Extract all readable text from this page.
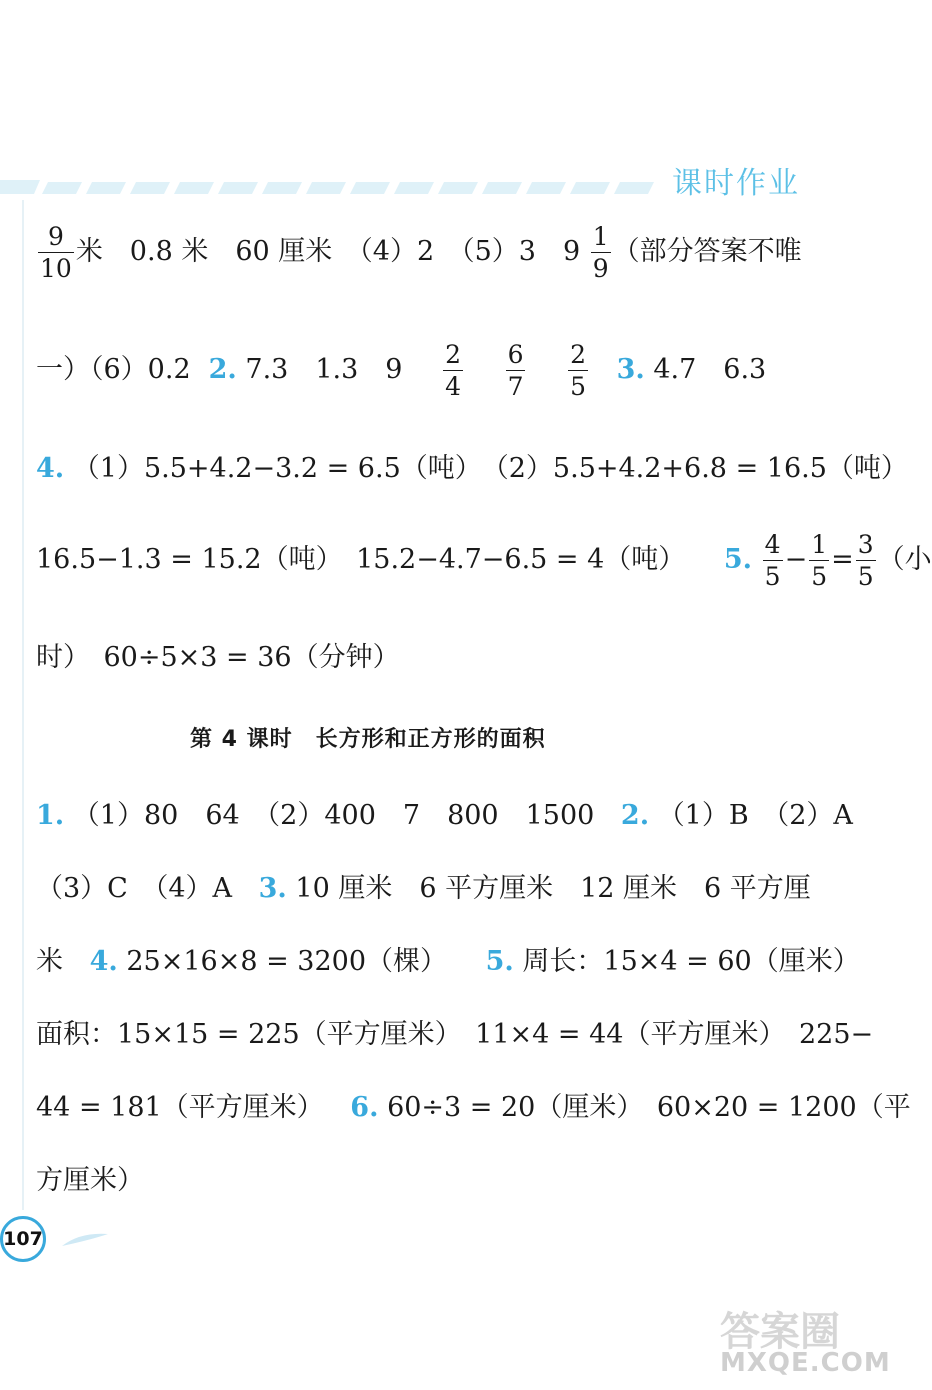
课时作业
$\frac{9}{10}$ 米　0.8 米　60 厘米　（4）2　（5）3　$9 \frac{1}{9}$ （部分答案不唯
一）（6）0.2 2. 7.3　1.3　$9 \frac{2}{4}$
$\frac{6}{7}$
$\frac{2}{5} 3$. 4.7　6.3
4. （1）5.5+4.2−3.2 = 6.5（吨）　（2）5.5+4.2+6.8 = 16.5（吨）
16.5−1.3 = 15.2（吨）　15.2−4.7−6.5 = 4（吨） 5. $\frac{4}{5} - \frac{1}{5} = \frac{3}{5}$ （小
时）　60÷5×3 = 36（分钟）
第 4 课时　长方形和正方形的面积
1. （1）80　64　（2）400　7　800　1500 2. （1）B　（2）A
（3）C　（4）A 3. 10 厘米　6 平方厘米　12 厘米　6 平方厘
米 4. 25×16×8 = 3200（棵） 5. 周长：15×4 = 60（厘米）
面积：15×15 = 225（平方厘米）　11×4 = 44（平方厘米）　225−
44 = 181（平方厘米） 6. 60÷3 = 20（厘米）　60×20 = 1200（平
方厘米）
107
答案圈
MXQE.COM
